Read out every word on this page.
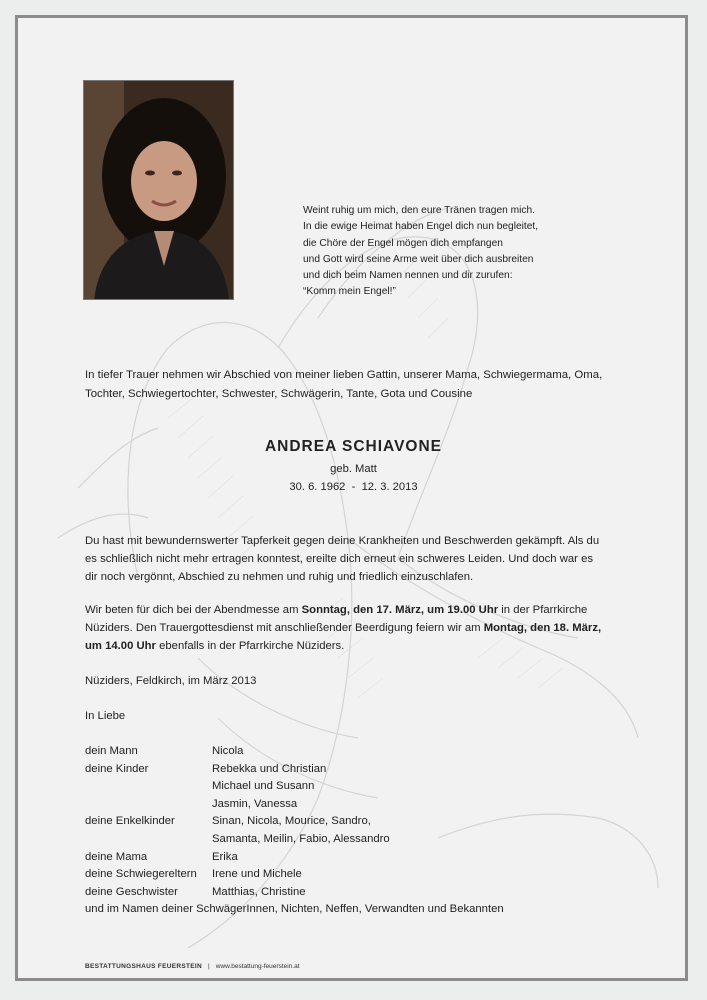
Weint ruhig um mich, den eure Tränen tragen mich.
In die ewige Heimat haben Engel dich nun begleitet,
die Chöre der Engel mögen dich empfangen
und Gott wird seine Arme weit über dich ausbreiten
und dich beim Namen nennen und dir zurufen:
“Komm mein Engel!”
In tiefer Trauer nehmen wir Abschied von meiner lieben Gattin, unserer Mama, Schwiegermama, Oma,
Tochter, Schwiegertochter, Schwester, Schwägerin, Tante, Gota und Cousine
ANDREA SCHIAVONE
geb. Matt
30. 6. 1962  -  12. 3. 2013
Du hast mit bewundernswerter Tapferkeit gegen deine Krankheiten und Beschwerden gekämpft. Als du
es schließlich nicht mehr ertragen konntest, ereilte dich erneut ein schweres Leiden. Und doch war es
dir noch vergönnt, Abschied zu nehmen und ruhig und friedlich einzuschlafen.
Wir beten für dich bei der Abendmesse am Sonntag, den 17. März, um 19.00 Uhr in der Pfarrkirche
Nüziders. Den Trauergottesdienst mit anschließender Beerdigung feiern wir am Montag, den 18. März,
um 14.00 Uhr ebenfalls in der Pfarrkirche Nüziders.
Nüziders, Feldkirch, im März 2013
In Liebe
dein Mann	Nicola
deine Kinder	Rebekka und Christian
Michael und Susann
Jasmin, Vanessa
deine Enkelkinder	Sinan, Nicola, Mourice, Sandro,
Samanta, Meilin, Fabio, Alessandro
deine Mama	Erika
deine Schwiegereltern Irene und Michele
deine Geschwister	Matthias, Christine
und im Namen deiner SchwägerInnen, Nichten, Neffen, Verwandten und Bekannten
BESTATTUNGSHAUS FEUERSTEIN | www.bestattung-feuerstein.at
